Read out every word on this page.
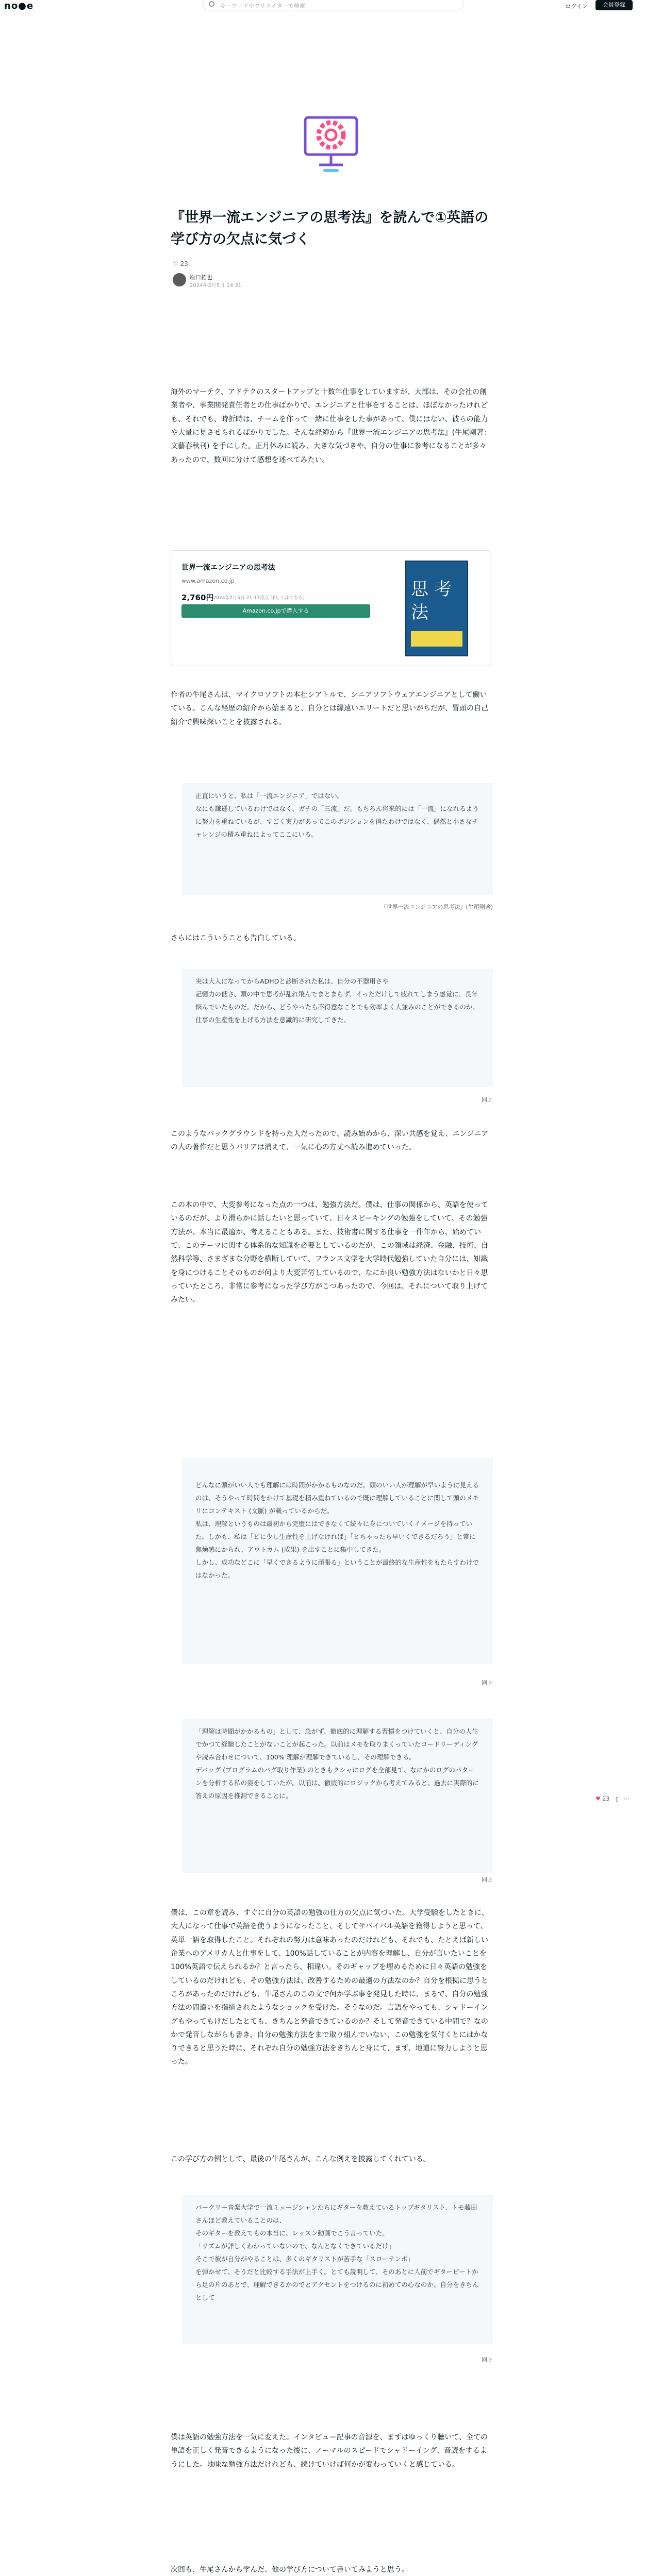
no●e	キーワードやクリエイターで検索	ログイン	会員登録
『世界一流エンジニアの思考法』を読んで①英語の学び方の欠点に気づく
♡ 23
原口拓也
2024年2月5日 14:31
海外のマーテク、アドテクのスタートアップと十数年仕事をしていますが、大部は、その会社の創業者や、事業開発責任者との仕事ばかりで、エンジニアと仕事をすることは、ほぼなかったけれども、それでも、時折時は、チームを作って一緒に仕事をした事があって、僕にはない、彼らの能力や大量に見させられるばかりでした。そんな経緯から『世界一流エンジニアの思考法』(牛尾剛著：文藝春秋刊) を手にした。正月休みに読み、大きな気づきや、自分の仕事に参考になることが多々あったので、数回に分けて感想を述べてみたい。
世界一流エンジニアの思考法
www.amazon.co.jp
2,760円
(2024年2月5日 21:13時点 詳しくはこちら)
Amazon.co.jpで購入する
思 考
法
作者の牛尾さんは、マイクロソフトの本社シアトルで、シニアソフトウェアエンジニアとして働いている。こんな経歴の紹介から始まると、自分とは縁遠いエリートだと思いがちだが、冒頭の自己紹介で興味深いことを披露される。
正直にいうと、私は「一流エンジニア」ではない。
なにも謙遜しているわけではなく、ガチの「三流」だ。もちろん将来的には「一流」になれるように努力を重ねているが、すごく実力があってこのポジションを得たわけではなく、偶然と小さなチャレンジの積み重ねによってここにいる。
『世界一流エンジニアの思考法』(牛尾剛著)
さらにはこういうことも告白している。
実は大人になってからADHDと診断された私は、自分の不器用さや
記憶力の低さ、頭の中で思考が乱れ飛んでまとまらず、イっただけして疲れてしまう感覚に、長年悩んでいたものだ。だから、どうやったら不得意なことでも効率よく人並みのことができるのか、仕事の生産性を上げる方法を意識的に研究してきた。
同上
このようなバックグラウンドを持った人だったので、読み始めから、深い共感を覚え、エンジニアの人の著作だと思うバリアは消えて、一気に心の方丈へ読み進めていった。
この本の中で、大変参考になった点の一つは、勉強方法だ。僕は、仕事の関係から、英語を使っているのだが、より滑らかに話したいと思っていて、日々スピーキングの勉強をしていて、その勉強方法が、本当に最適か、考えることもある。また、技術書に関する仕事を一件年から、始めていて、このテーマに関する体系的な知識を必要としているのだが、この領域は経済、金融、技術、自然科学等、さまざまな分野を横断していて、フランス文学を大学時代勉強していた自分には、知識を身につけることそのものが何より大変苦労しているので、なにか良い勉強方法はないかと日々思っていたところ、非常に参考になった学び方がこつあったので、今回は、それについて取り上げてみたい。
どんなに頭がいい人でも理解には時間がかかるものなのだ。頭のいい人が理解が早いように見えるのは、そうやって時間をかけて基礎を積み重ねているので既に理解していることに関して頭のメモリにコンテキスト (文脈) が載っているからだ。
私は、理解というものは最初から完璧にはできなくて続々に身についていくイメージを持っていた。しかも、私は「ピに少し生産性を上げなければ」「ピちゃったら早いくできるだろう」と常に焦燥感にかられ、アウトカム (成果) を出すことに集中してきた。
しかし、成功などこに「早くできるように頑張る」ということが最終的な生産性をもたらすわけではなかった。
同上
「理解は時間がかかるもの」として、急がず、徹底的に理解する習慣をつけていくと、自分の人生でかつて経験したことがないことが起こった。以前はメモを取りまくっていたコードリーディングや読み合わせについて、100% 理解が理解できているし、その理解できる。
デバッグ (プログラムのバグ取り作業) のときもクシャにログを全部見て、なにかのログのパターンを分析する私の姿をしていたが。以前は、徹底的にロジックから考えてみると、過去に実際的に答えの原因を推測できることに。
同上
僕は、この章を読み、すぐに自分の英語の勉強の仕方の欠点に気づいた。大学受験をしたときに、大人になって仕事で英語を使うようになったこと、そしてサバイバル英語を獲得しようと思って、英単一語を取得したこと。それぞれの努力は意味あったのだけれども、それでも、たとえば新しい企業へのアメリカ人と仕事をして、100%話していることが内容を理解し、自分が言いたいことを100%英語で伝えられるか？と言ったら、相違い。そのギャップを埋めるために日々英語の勉強をしているのだけれども、その勉強方法は、改善するための最適の方法なのか？自分を根拠に思うところがあったのだけれども、牛尾さんのこの文で何か学ぶ事を発見した時に、まるで、自分の勉強方法の間違いを指摘されたようなショックを受けた。そうなのだ。言語をやっても、シャドーイングもやってもけだしたとても、きちんと発音できているのか？そして発音できている中間で？なのかで発音しながらも書き、自分の勉強方法をまで取り組んでいない、この勉強を気付くとにはかなりできると思うた時に、それぞれ自分の勉強方法をきちんと身にて、まず、地道に努力しようと思った。
この学び方の例として、最後の牛尾さんが、こんな例えを披露してくれている。
バークリー音楽大学で一流ミュージシャンたちにギターを教えているトップギタリスト、トモ藤田さんほど教えていることのは、
そのギターを教えてもの本当に、レッスン動画でこう言っていた。
「リズムが詳しくわかっていないので、なんとなくできているだけ」
そこで彼が自分がやることは、多くのギタリストが苦手な「スローテンポ」
を弾かせて、そうだと比較する手法が上手く。とても説明して、そのあとに人前でギタービートから足の片のあとで、理解できるかのでとアクセントをつけるのに初めての心なのか、自分をきちんとして
同上
僕は英語の勉強方法を一気に変えた。インタビュー記事の音源を、まずはゆっくり聴いて、全ての単語を正しく発音できるようになった後に、ノーマルのスピードでシャドーイング、音読をするようにした。地味な勉強方法だけれども、続けていけば何かが変わっていくと感じている。
次回も、牛尾さんから学んだ、他の学び方について書いてみようと思う。
♥ 23 ▯ ⋯
